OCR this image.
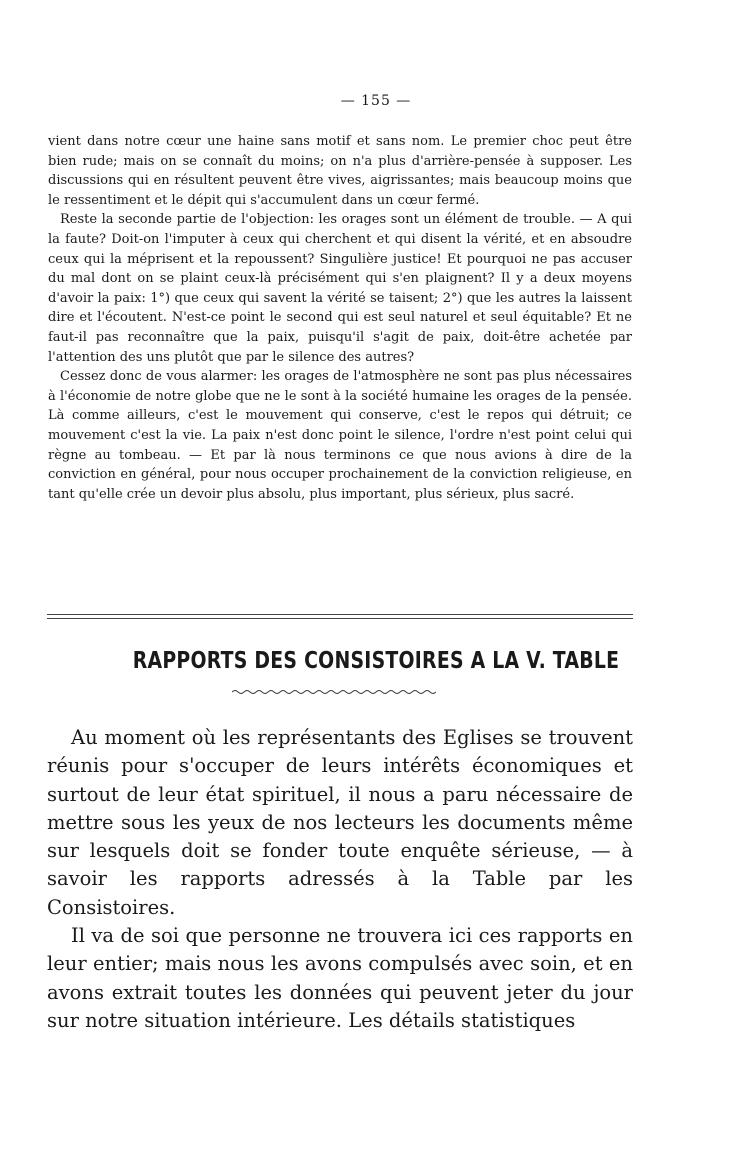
— 155 —

vient dans notre cœur une haine sans motif et sans nom. Le premier choc peut être bien rude; mais on se connaît du moins; on n'a plus d'arrière-pensée à supposer. Les discussions qui en résultent peuvent être vives, aigrissantes; mais beaucoup moins que le ressentiment et le dépit qui s'accumulent dans un cœur fermé.

Reste la seconde partie de l'objection: les orages sont un élément de trouble. — A qui la faute? Doit-on l'imputer à ceux qui cherchent et qui disent la vérité, et en absoudre ceux qui la méprisent et la repoussent? Singulière justice! Et pourquoi ne pas accuser du mal dont on se plaint ceux-là précisément qui s'en plaignent? Il y a deux moyens d'avoir la paix: 1°) que ceux qui savent la vérité se taisent; 2°) que les autres la laissent dire et l'écoutent. N'est-ce point le second qui est seul naturel et seul équitable? Et ne faut-il pas reconnaître que la paix, puisqu'il s'agit de paix, doit-être achetée par l'attention des uns plutôt que par le silence des autres?

Cessez donc de vous alarmer: les orages de l'atmosphère ne sont pas plus nécessaires à l'économie de notre globe que ne le sont à la société humaine les orages de la pensée. Là comme ailleurs, c'est le mouvement qui conserve, c'est le repos qui détruit; ce mouvement c'est la vie. La paix n'est donc point le silence, l'ordre n'est point celui qui règne au tombeau. — Et par là nous terminons ce que nous avions à dire de la conviction en général, pour nous occuper prochainement de la conviction religieuse, en tant qu'elle crée un devoir plus absolu, plus important, plus sérieux, plus sacré.

RAPPORTS DES CONSISTOIRES A LA V. TABLE

Au moment où les représentants des Eglises se trouvent réunis pour s'occuper de leurs intérêts économiques et surtout de leur état spirituel, il nous a paru nécessaire de mettre sous les yeux de nos lecteurs les documents même sur lesquels doit se fonder toute enquête sérieuse, — à savoir les rapports adressés à la Table par les Consistoires.

Il va de soi que personne ne trouvera ici ces rapports en leur entier; mais nous les avons compulsés avec soin, et en avons extrait toutes les données qui peuvent jeter du jour sur notre situation intérieure. Les détails statistiques
